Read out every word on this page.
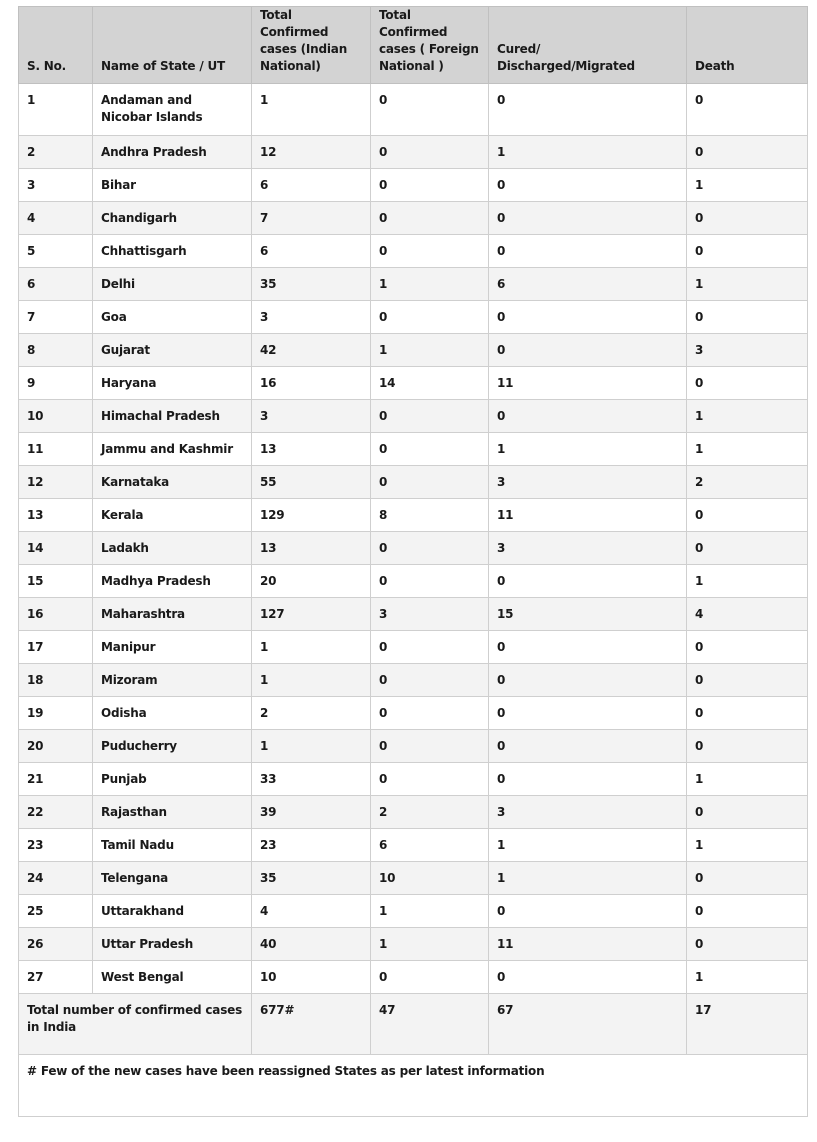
S. No.	Name of State / UT	Total Confirmed cases (Indian National)	Total Confirmed cases ( Foreign National )	Cured/ Discharged/Migrated	Death
1	Andaman and Nicobar Islands	1	0	0	0
2	Andhra Pradesh	12	0	1	0
3	Bihar	6	0	0	1
4	Chandigarh	7	0	0	0
5	Chhattisgarh	6	0	0	0
6	Delhi	35	1	6	1
7	Goa	3	0	0	0
8	Gujarat	42	1	0	3
9	Haryana	16	14	11	0
10	Himachal Pradesh	3	0	0	1
11	Jammu and Kashmir	13	0	1	1
12	Karnataka	55	0	3	2
13	Kerala	129	8	11	0
14	Ladakh	13	0	3	0
15	Madhya Pradesh	20	0	0	1
16	Maharashtra	127	3	15	4
17	Manipur	1	0	0	0
18	Mizoram	1	0	0	0
19	Odisha	2	0	0	0
20	Puducherry	1	0	0	0
21	Punjab	33	0	0	1
22	Rajasthan	39	2	3	0
23	Tamil Nadu	23	6	1	1
24	Telengana	35	10	1	0
25	Uttarakhand	4	1	0	0
26	Uttar Pradesh	40	1	11	0
27	West Bengal	10	0	0	1
Total number of confirmed cases in India		677#	47	67	17
# Few of the new cases have been reassigned States as per latest information					
